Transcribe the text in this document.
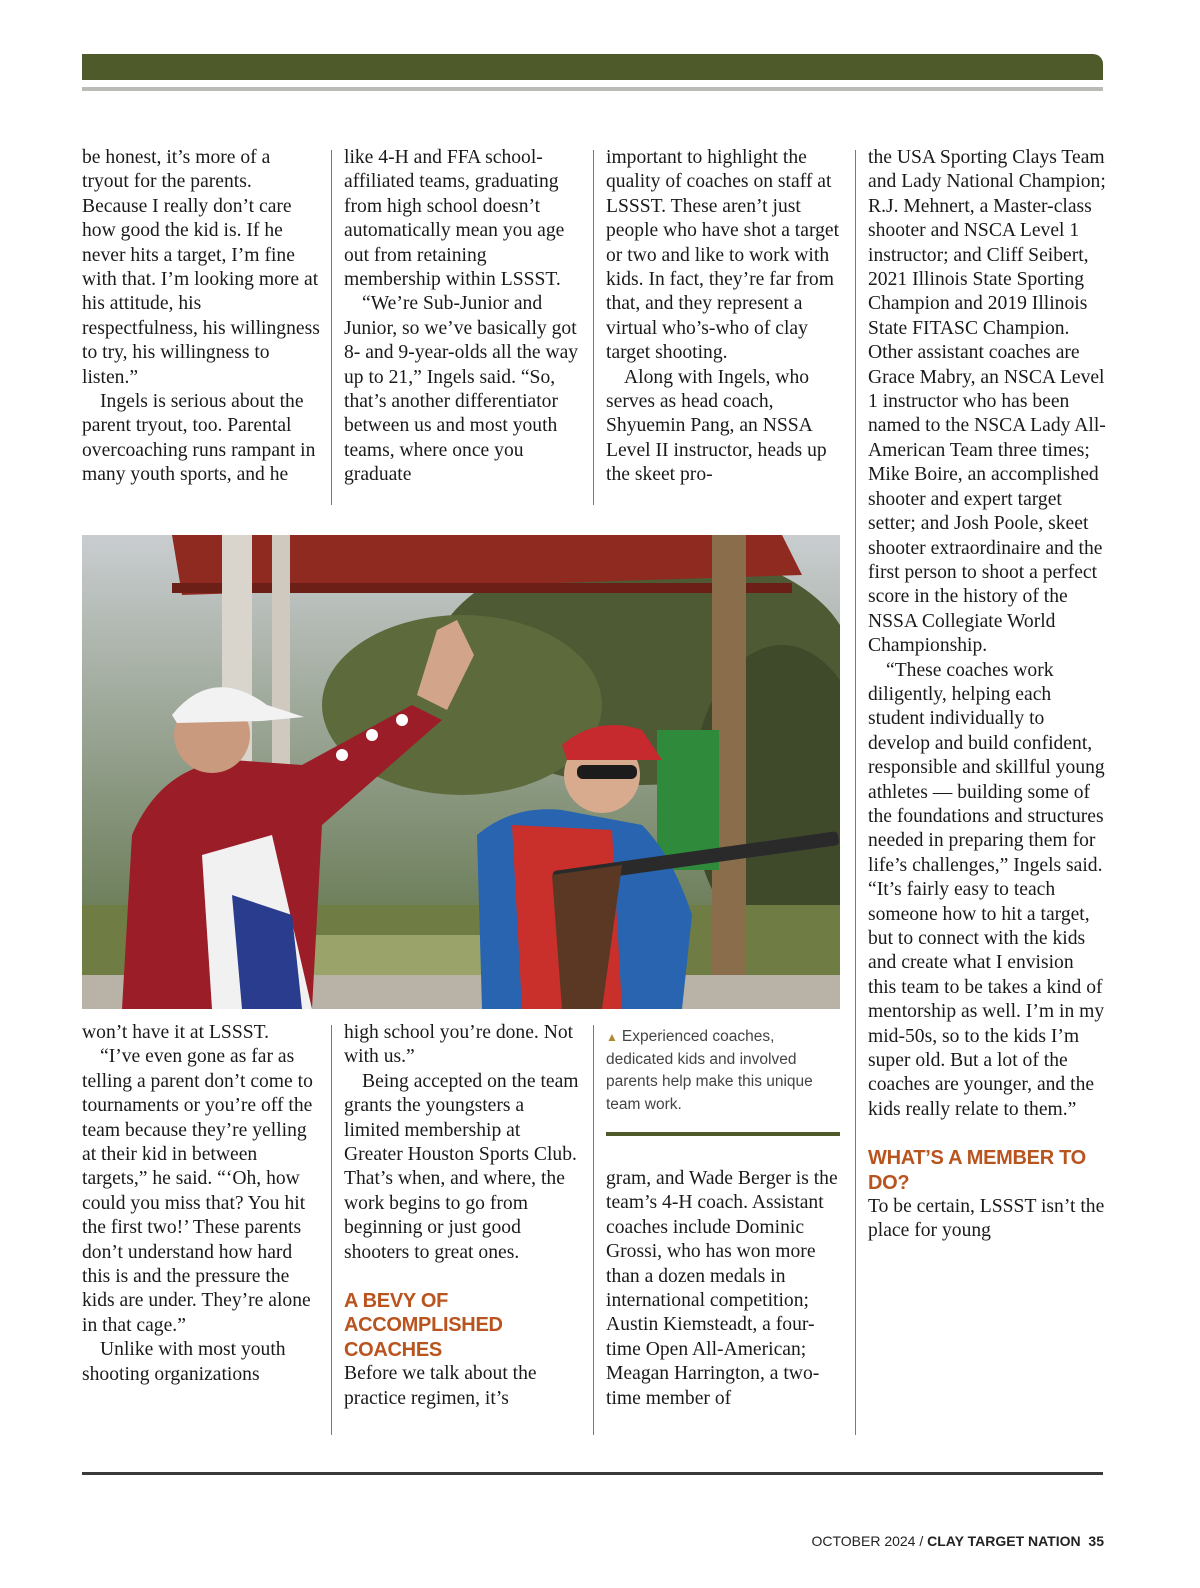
be honest, it’s more of a tryout for the parents. Because I really don’t care how good the kid is. If he never hits a target, I’m fine with that. I’m looking more at his attitude, his respectfulness, his willingness to try, his willingness to listen.”

Ingels is serious about the parent tryout, too. Parental overcoaching runs rampant in many youth sports, and he

like 4-H and FFA school-affiliated teams, graduating from high school doesn’t automatically mean you age out from retaining membership within LSSST.

“We’re Sub-Junior and Junior, so we’ve basically got 8- and 9-year-olds all the way up to 21,” Ingels said. “So, that’s another differentiator between us and most youth teams, where once you graduate

important to highlight the quality of coaches on staff at LSSST. These aren’t just people who have shot a target or two and like to work with kids. In fact, they’re far from that, and they represent a virtual who’s-who of clay target shooting.

Along with Ingels, who serves as head coach, Shyuemin Pang, an NSSA Level II instructor, heads up the skeet pro-

the USA Sporting Clays Team and Lady National Champion; R.J. Mehnert, a Master-class shooter and NSCA Level 1 instructor; and Cliff Seibert, 2021 Illinois State Sporting Champion and 2019 Illinois State FITASC Champion. Other assistant coaches are Grace Mabry, an NSCA Level 1 instructor who has been named to the NSCA Lady All-American Team three times; Mike Boire, an accomplished shooter and expert target setter; and Josh Poole, skeet shooter extraordinaire and the first person to shoot a perfect score in the history of the NSSA Collegiate World Championship.

“These coaches work diligently, helping each student individually to develop and build confident, responsible and skillful young athletes — building some of the foundations and structures needed in preparing them for life’s challenges,” Ingels said. “It’s fairly easy to teach someone how to hit a target, but to connect with the kids and create what I envision this team to be takes a kind of mentorship as well. I’m in my mid-50s, so to the kids I’m super old. But a lot of the coaches are younger, and the kids really relate to them.”

WHAT’S A MEMBER TO DO?

To be certain, LSSST isn’t the place for young

won’t have it at LSSST.

“I’ve even gone as far as telling a parent don’t come to tournaments or you’re off the team because they’re yelling at their kid in between targets,” he said. “‘Oh, how could you miss that? You hit the first two!’ These parents don’t understand how hard this is and the pressure the kids are under. They’re alone in that cage.”

Unlike with most youth shooting organizations

high school you’re done. Not with us.”

Being accepted on the team grants the youngsters a limited membership at Greater Houston Sports Club. That’s when, and where, the work begins to go from beginning or just good shooters to great ones.

A BEVY OF ACCOMPLISHED COACHES

Before we talk about the practice regimen, it’s

▲ Experienced coaches, dedicated kids and involved parents help make this unique team work.

gram, and Wade Berger is the team’s 4-H coach. Assistant coaches include Dominic Grossi, who has won more than a dozen medals in international competition; Austin Kiemsteadt, a four-time Open All-American; Meagan Harrington, a two-time member of

OCTOBER 2024 / CLAY TARGET NATION 35
